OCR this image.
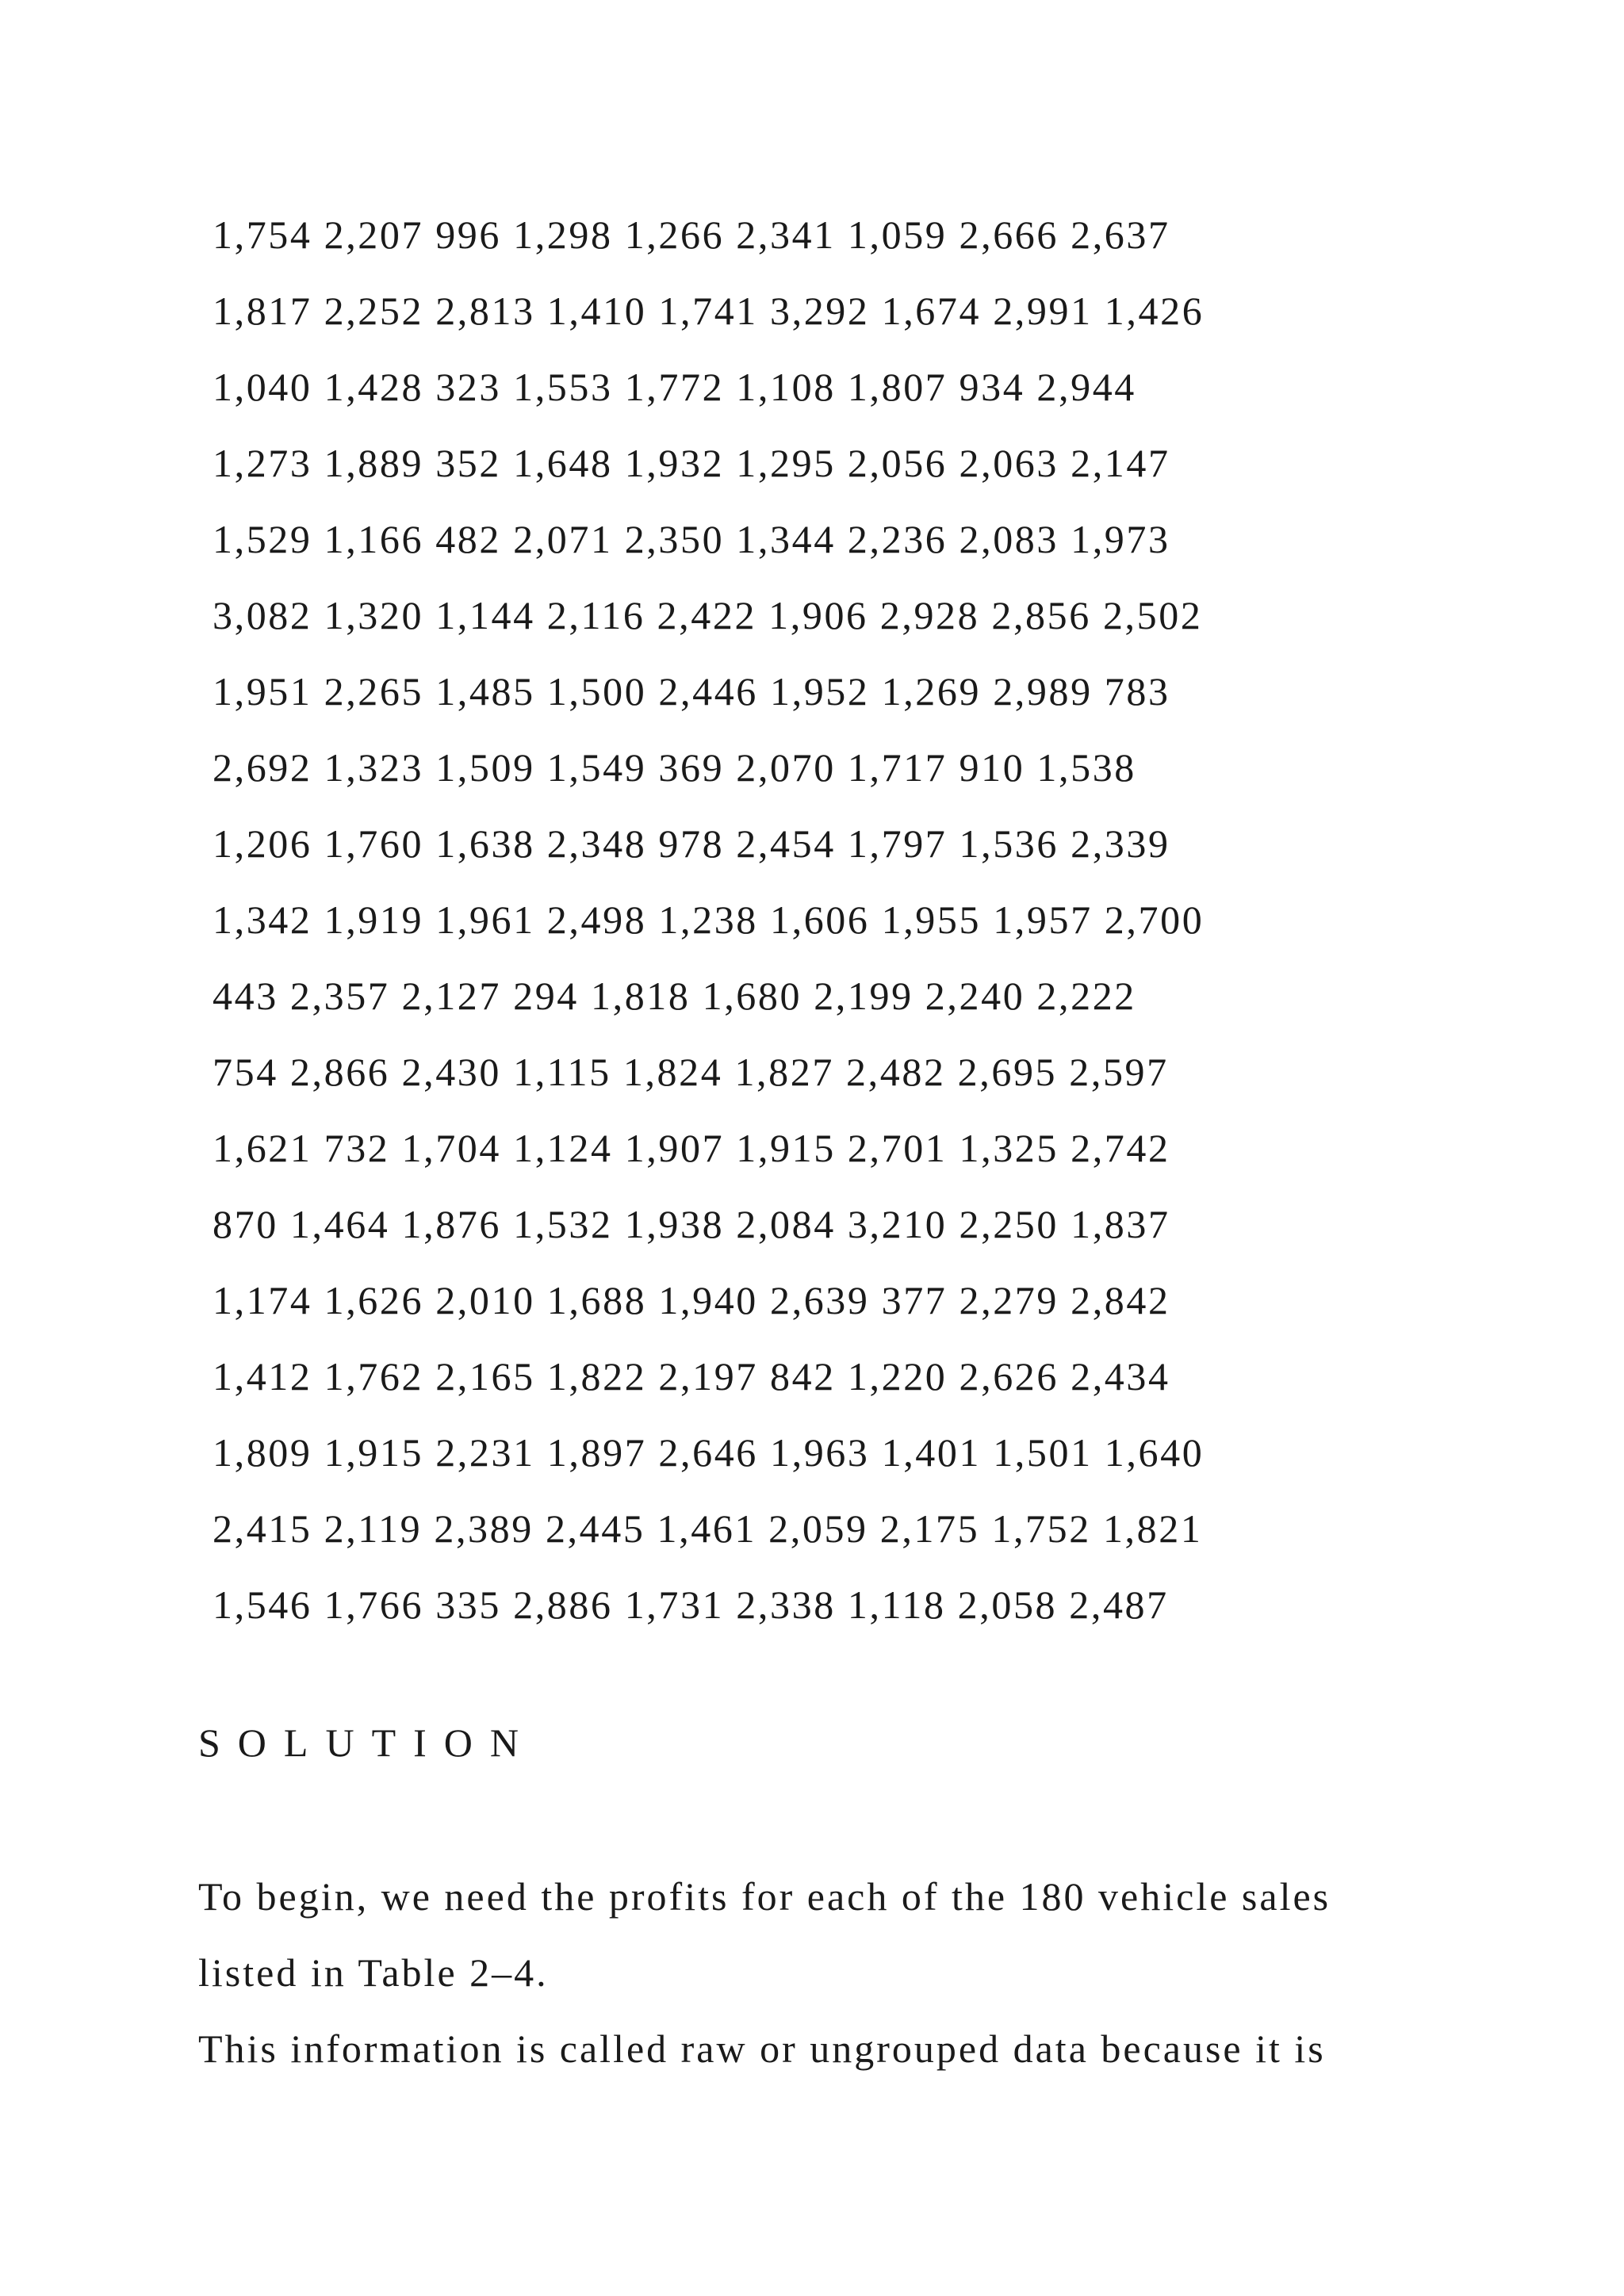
1,754 2,207 996 1,298 1,266 2,341 1,059 2,666 2,637
1,817 2,252 2,813 1,410 1,741 3,292 1,674 2,991 1,426
1,040 1,428 323 1,553 1,772 1,108 1,807 934 2,944
1,273 1,889 352 1,648 1,932 1,295 2,056 2,063 2,147
1,529 1,166 482 2,071 2,350 1,344 2,236 2,083 1,973
3,082 1,320 1,144 2,116 2,422 1,906 2,928 2,856 2,502
1,951 2,265 1,485 1,500 2,446 1,952 1,269 2,989 783
2,692 1,323 1,509 1,549 369 2,070 1,717 910 1,538
1,206 1,760 1,638 2,348 978 2,454 1,797 1,536 2,339
1,342 1,919 1,961 2,498 1,238 1,606 1,955 1,957 2,700
443 2,357 2,127 294 1,818 1,680 2,199 2,240 2,222
754 2,866 2,430 1,115 1,824 1,827 2,482 2,695 2,597
1,621 732 1,704 1,124 1,907 1,915 2,701 1,325 2,742
870 1,464 1,876 1,532 1,938 2,084 3,210 2,250 1,837
1,174 1,626 2,010 1,688 1,940 2,639 377 2,279 2,842
1,412 1,762 2,165 1,822 2,197 842 1,220 2,626 2,434
1,809 1,915 2,231 1,897 2,646 1,963 1,401 1,501 1,640
2,415 2,119 2,389 2,445 1,461 2,059 2,175 1,752 1,821
1,546 1,766 335 2,886 1,731 2,338 1,118 2,058 2,487
SOLUTION

To begin, we need the profits for each of the 180 vehicle sales

listed in Table 2–4.

This information is called raw or ungrouped data because it is
